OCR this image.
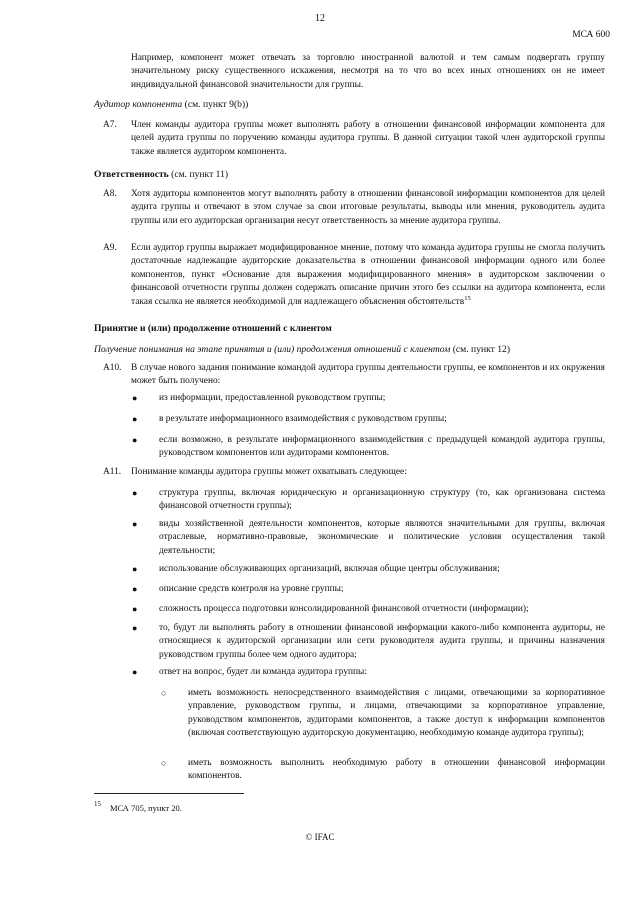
12
МСА 600
Например, компонент может отвечать за торговлю иностранной валютой и тем самым подвергать группу значительному риску существенного искажения, несмотря на то что во всех иных отношениях он не имеет индивидуальной финансовой значительности для группы.
Аудитор компонента (см. пункт 9(b))
A7. Член команды аудитора группы может выполнять работу в отношении финансовой информации компонента для целей аудита группы по поручению команды аудитора группы. В данной ситуации такой член аудиторской группы также является аудитором компонента.
Ответственность (см. пункт 11)
A8. Хотя аудиторы компонентов могут выполнять работу в отношении финансовой информации компонентов для целей аудита группы и отвечают в этом случае за свои итоговые результаты, выводы или мнения, руководитель аудита группы или его аудиторская организация несут ответственность за мнение аудитора группы.
A9. Если аудитор группы выражает модифицированное мнение, потому что команда аудитора группы не смогла получить достаточные надлежащие аудиторские доказательства в отношении финансовой информации одного или более компонентов, пункт «Основание для выражения модифицированного мнения» в аудиторском заключении о финансовой отчетности группы должен содержать описание причин этого без ссылки на аудитора компонента, если такая ссылка не является необходимой для надлежащего объяснения обстоятельств$^{15}$
Принятие и (или) продолжение отношений с клиентом
Получение понимания на этапе принятия и (или) продолжения отношений с клиентом (см. пункт 12)
A10. В случае нового задания понимание командой аудитора группы деятельности группы, ее компонентов и их окружения может быть получено:
● из информации, предоставленной руководством группы;
● в результате информационного взаимодействия с руководством группы;
● если возможно, в результате информационного взаимодействия с предыдущей командой аудитора группы, руководством компонентов или аудиторами компонентов.
A11. Понимание команды аудитора группы может охватывать следующее:
● структура группы, включая юридическую и организационную структуру (то, как организована система финансовой отчетности группы);
● виды хозяйственной деятельности компонентов, которые являются значительными для группы, включая отраслевые, нормативно-правовые, экономические и политические условия осуществления такой деятельности;
● использование обслуживающих организаций, включая общие центры обслуживания;
● описание средств контроля на уровне группы;
● сложность процесса подготовки консолидированной финансовой отчетности (информации);
● то, будут ли выполнять работу в отношении финансовой информации какого-либо компонента аудиторы, не относящиеся к аудиторской организации или сети руководителя аудита группы, и причины назначения руководством группы более чем одного аудитора;
● ответ на вопрос, будет ли команда аудитора группы:
○ иметь возможность непосредственного взаимодействия с лицами, отвечающими за корпоративное управление, руководством группы, и лицами, отвечающими за корпоративное управление, руководством компонентов, аудиторами компонентов, а также доступ к информации компонентов (включая соответствующую аудиторскую документацию, необходимую команде аудитора группы);
○ иметь возможность выполнить необходимую работу в отношении финансовой информации компонентов.
15 МСА 705, пункт 20.
© IFAC
